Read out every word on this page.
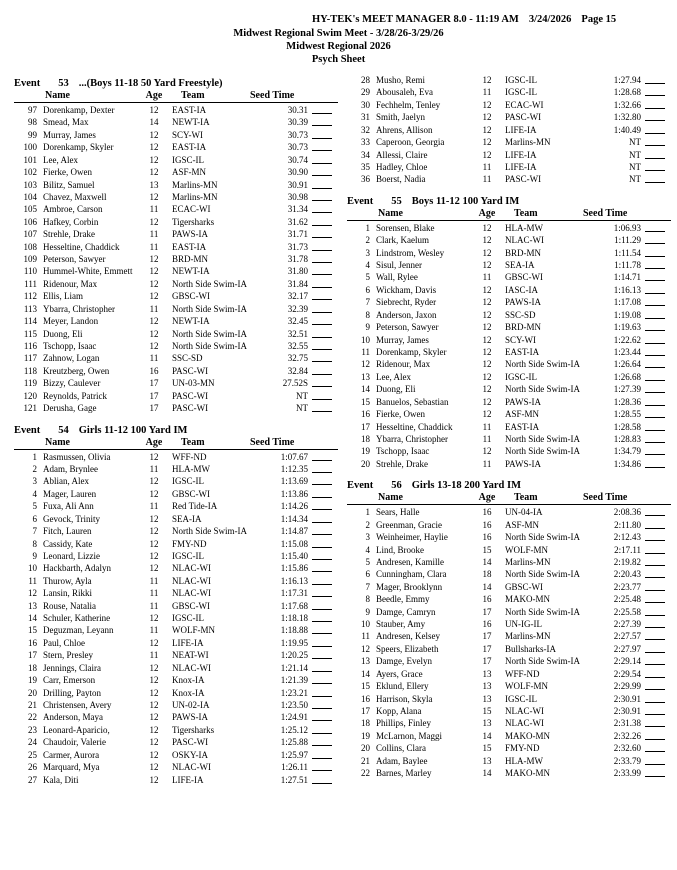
HY-TEK's MEET MANAGER 8.0 - 11:19 AM 3/24/2026 Page 15
Midwest Regional Swim Meet - 3/28/26-3/29/26
Midwest Regional 2026
Psych Sheet
Event 53 ...(Boys 11-18 50 Yard Freestyle)
Name	Age	Team	Seed Time
97 Dorenkamp, Dexter	12	EAST-IA	30.31
98 Smead, Max	14	NEWT-IA	30.39
99 Murray, James	12	SCY-WI	30.73
100 Dorenkamp, Skyler	12	EAST-IA	30.73
101 Lee, Alex	12	IGSC-IL	30.74
102 Fierke, Owen	12	ASF-MN	30.90
103 Bilitz, Samuel	13	Marlins-MN	30.91
104 Chavez, Maxwell	12	Marlins-MN	30.98
105 Ambroe, Carson	11	ECAC-WI	31.34
106 Hafkey, Corbin	12	Tigersharks	31.62
107 Strehle, Drake	11	PAWS-IA	31.71
108 Hesseltine, Chaddick	11	EAST-IA	31.73
109 Peterson, Sawyer	12	BRD-MN	31.78
110 Hummel-White, Emmett	12	NEWT-IA	31.80
111 Ridenour, Max	12	North Side Swim-IA	31.84
112 Ellis, Liam	12	GBSC-WI	32.17
113 Ybarra, Christopher	11	North Side Swim-IA	32.39
114 Meyer, Landon	12	NEWT-IA	32.45
115 Duong, Eli	12	North Side Swim-IA	32.51
116 Tschopp, Isaac	12	North Side Swim-IA	32.55
117 Zahnow, Logan	11	SSC-SD	32.75
118 Kreutzberg, Owen	16	PASC-WI	32.84
119 Bizzy, Caulever	17	UN-03-MN	27.52S
120 Reynolds, Patrick	17	PASC-WI	NT
121 Derusha, Gage	17	PASC-WI	NT
Event 54 Girls 11-12 100 Yard IM
Name	Age	Team	Seed Time
1 Rasmussen, Olivia	12	WFF-ND	1:07.67
2 Adam, Brynlee	11	HLA-MW	1:12.35
3 Ablian, Alex	12	IGSC-IL	1:13.69
4 Mager, Lauren	12	GBSC-WI	1:13.86
5 Fuxa, Ali Ann	11	Red Tide-IA	1:14.26
6 Gevock, Trinity	12	SEA-IA	1:14.34
7 Fitch, Lauren	12	North Side Swim-IA	1:14.87
8 Cassidy, Kate	12	FMY-ND	1:15.08
9 Leonard, Lizzie	12	IGSC-IL	1:15.40
10 Hackbarth, Adalyn	12	NLAC-WI	1:15.86
11 Thurow, Ayla	11	NLAC-WI	1:16.13
12 Lansin, Rikki	11	NLAC-WI	1:17.31
13 Rouse, Natalia	11	GBSC-WI	1:17.68
14 Schuler, Katherine	12	IGSC-IL	1:18.18
15 Deguzman, Leyann	11	WOLF-MN	1:18.88
16 Paul, Chloe	12	LIFE-IA	1:19.95
17 Stern, Presley	11	NEAT-WI	1:20.25
18 Jennings, Claira	12	NLAC-WI	1:21.14
19 Carr, Emerson	12	Knox-IA	1:21.39
20 Drilling, Payton	12	Knox-IA	1:23.21
21 Christensen, Avery	12	UN-02-IA	1:23.50
22 Anderson, Maya	12	PAWS-IA	1:24.91
23 Leonard-Aparicio,	12	Tigersharks	1:25.12
24 Chaudoir, Valerie	12	PASC-WI	1:25.88
25 Carmer, Aurora	12	OSKY-IA	1:25.97
26 Marquard, Mya	12	NLAC-WI	1:26.11
27 Kala, Diti	12	LIFE-IA	1:27.51
28 Musho, Remi	12	IGSC-IL	1:27.94
29 Abousaleh, Eva	11	IGSC-IL	1:28.68
30 Fechhelm, Tenley	12	ECAC-WI	1:32.66
31 Smith, Jaelyn	12	PASC-WI	1:32.80
32 Ahrens, Allison	12	LIFE-IA	1:40.49
33 Caperoon, Georgia	12	Marlins-MN	NT
34 Allessi, Claire	12	LIFE-IA	NT
35 Hadley, Chloe	11	LIFE-IA	NT
36 Boerst, Nadia	11	PASC-WI	NT
Event 55 Boys 11-12 100 Yard IM
Name	Age	Team	Seed Time
1 Sorensen, Blake	12	HLA-MW	1:06.93
2 Clark, Kaelum	12	NLAC-WI	1:11.29
3 Lindstrom, Wesley	12	BRD-MN	1:11.54
4 Sisul, Jenner	12	SEA-IA	1:11.78
5 Wall, Rylee	11	GBSC-WI	1:14.71
6 Wickham, Davis	12	IASC-IA	1:16.13
7 Siebrecht, Ryder	12	PAWS-IA	1:17.08
8 Anderson, Jaxon	12	SSC-SD	1:19.08
9 Peterson, Sawyer	12	BRD-MN	1:19.63
10 Murray, James	12	SCY-WI	1:22.62
11 Dorenkamp, Skyler	12	EAST-IA	1:23.44
12 Ridenour, Max	12	North Side Swim-IA	1:26.64
13 Lee, Alex	12	IGSC-IL	1:26.68
14 Duong, Eli	12	North Side Swim-IA	1:27.39
15 Banuelos, Sebastian	12	PAWS-IA	1:28.36
16 Fierke, Owen	12	ASF-MN	1:28.55
17 Hesseltine, Chaddick	11	EAST-IA	1:28.58
18 Ybarra, Christopher	11	North Side Swim-IA	1:28.83
19 Tschopp, Isaac	12	North Side Swim-IA	1:34.79
20 Strehle, Drake	11	PAWS-IA	1:34.86
Event 56 Girls 13-18 200 Yard IM
Name	Age	Team	Seed Time
1 Sears, Halle	16	UN-04-IA	2:08.36
2 Greenman, Gracie	16	ASF-MN	2:11.80
3 Weinheimer, Haylie	16	North Side Swim-IA	2:12.43
4 Lind, Brooke	15	WOLF-MN	2:17.11
5 Andresen, Kamille	14	Marlins-MN	2:19.82
6 Cunningham, Clara	18	North Side Swim-IA	2:20.43
7 Mager, Brooklynn	14	GBSC-WI	2:23.77
8 Beedle, Emmy	16	MAKO-MN	2:25.48
9 Damge, Camryn	17	North Side Swim-IA	2:25.58
10 Stauber, Amy	16	UN-IG-IL	2:27.39
11 Andresen, Kelsey	17	Marlins-MN	2:27.57
12 Speers, Elizabeth	17	Bullsharks-IA	2:27.97
13 Damge, Evelyn	17	North Side Swim-IA	2:29.14
14 Ayers, Grace	13	WFF-ND	2:29.54
15 Eklund, Ellery	13	WOLF-MN	2:29.99
16 Harrison, Skyla	13	IGSC-IL	2:30.91
17 Kopp, Alana	15	NLAC-WI	2:30.91
18 Phillips, Finley	13	NLAC-WI	2:31.38
19 McLarnon, Maggi	14	MAKO-MN	2:32.26
20 Collins, Clara	15	FMY-ND	2:32.60
21 Adam, Baylee	13	HLA-MW	2:33.79
22 Barnes, Marley	14	MAKO-MN	2:33.99
